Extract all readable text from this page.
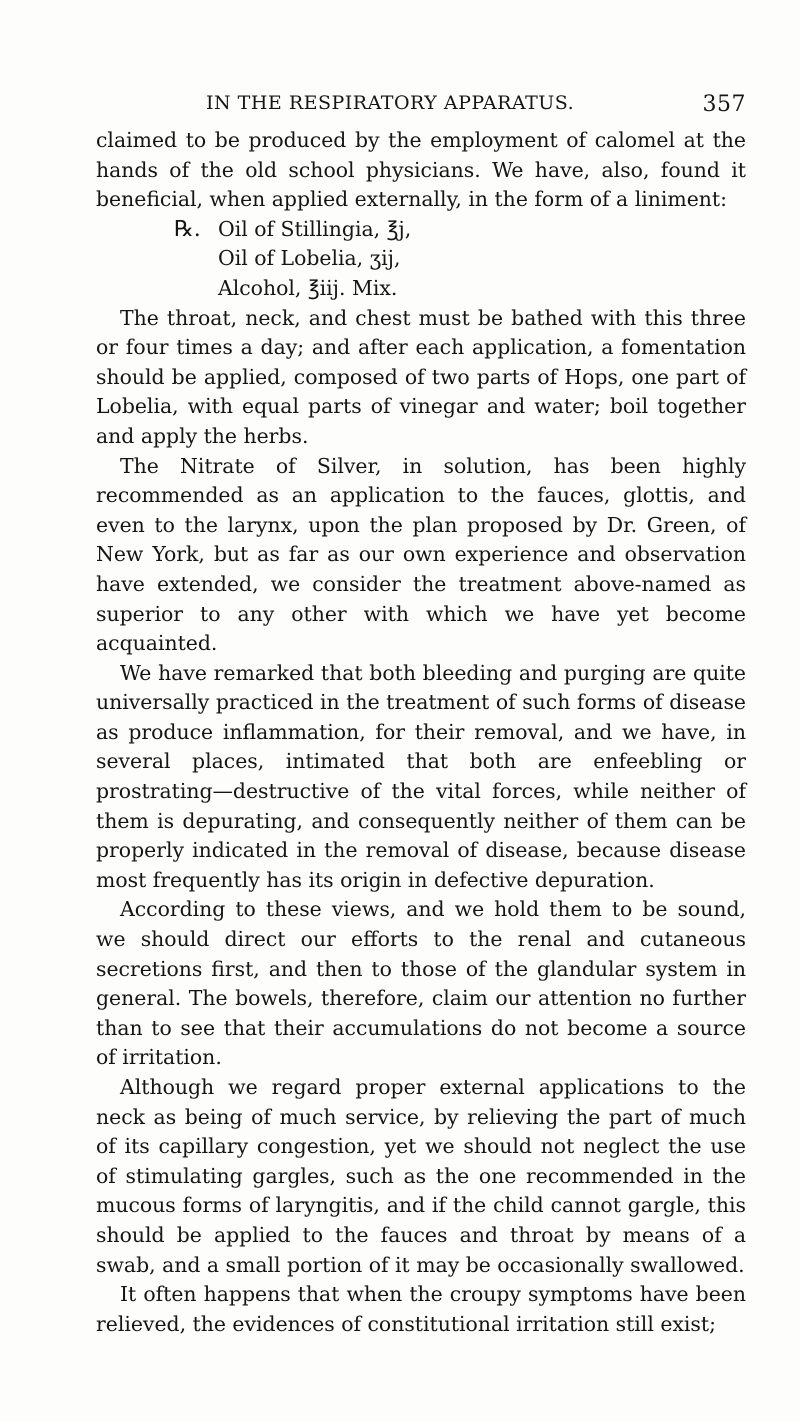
IN THE RESPIRATORY APPARATUS.	357

claimed to be produced by the employment of calomel at the hands of the old school physicians. We have, also, found it beneficial, when applied externally, in the form of a liniment:

℞. Oil of Stillingia, ℥j,
Oil of Lobelia, ʒij,
Alcohol, ℥iij. Mix.

The throat, neck, and chest must be bathed with this three or four times a day; and after each application, a fomentation should be applied, composed of two parts of Hops, one part of Lobelia, with equal parts of vinegar and water; boil together and apply the herbs.

The Nitrate of Silver, in solution, has been highly recommended as an application to the fauces, glottis, and even to the larynx, upon the plan proposed by Dr. Green, of New York, but as far as our own experience and observation have extended, we consider the treatment above-named as superior to any other with which we have yet become acquainted.

We have remarked that both bleeding and purging are quite universally practiced in the treatment of such forms of disease as produce inflammation, for their removal, and we have, in several places, intimated that both are enfeebling or prostrating—destructive of the vital forces, while neither of them is depurating, and consequently neither of them can be properly indicated in the removal of disease, because disease most frequently has its origin in defective depuration.

According to these views, and we hold them to be sound, we should direct our efforts to the renal and cutaneous secretions first, and then to those of the glandular system in general. The bowels, therefore, claim our attention no further than to see that their accumulations do not become a source of irritation.

Although we regard proper external applications to the neck as being of much service, by relieving the part of much of its capillary congestion, yet we should not neglect the use of stimulating gargles, such as the one recommended in the mucous forms of laryngitis, and if the child cannot gargle, this should be applied to the fauces and throat by means of a swab, and a small portion of it may be occasionally swallowed.

It often happens that when the croupy symptoms have been relieved, the evidences of constitutional irritation still exist;
